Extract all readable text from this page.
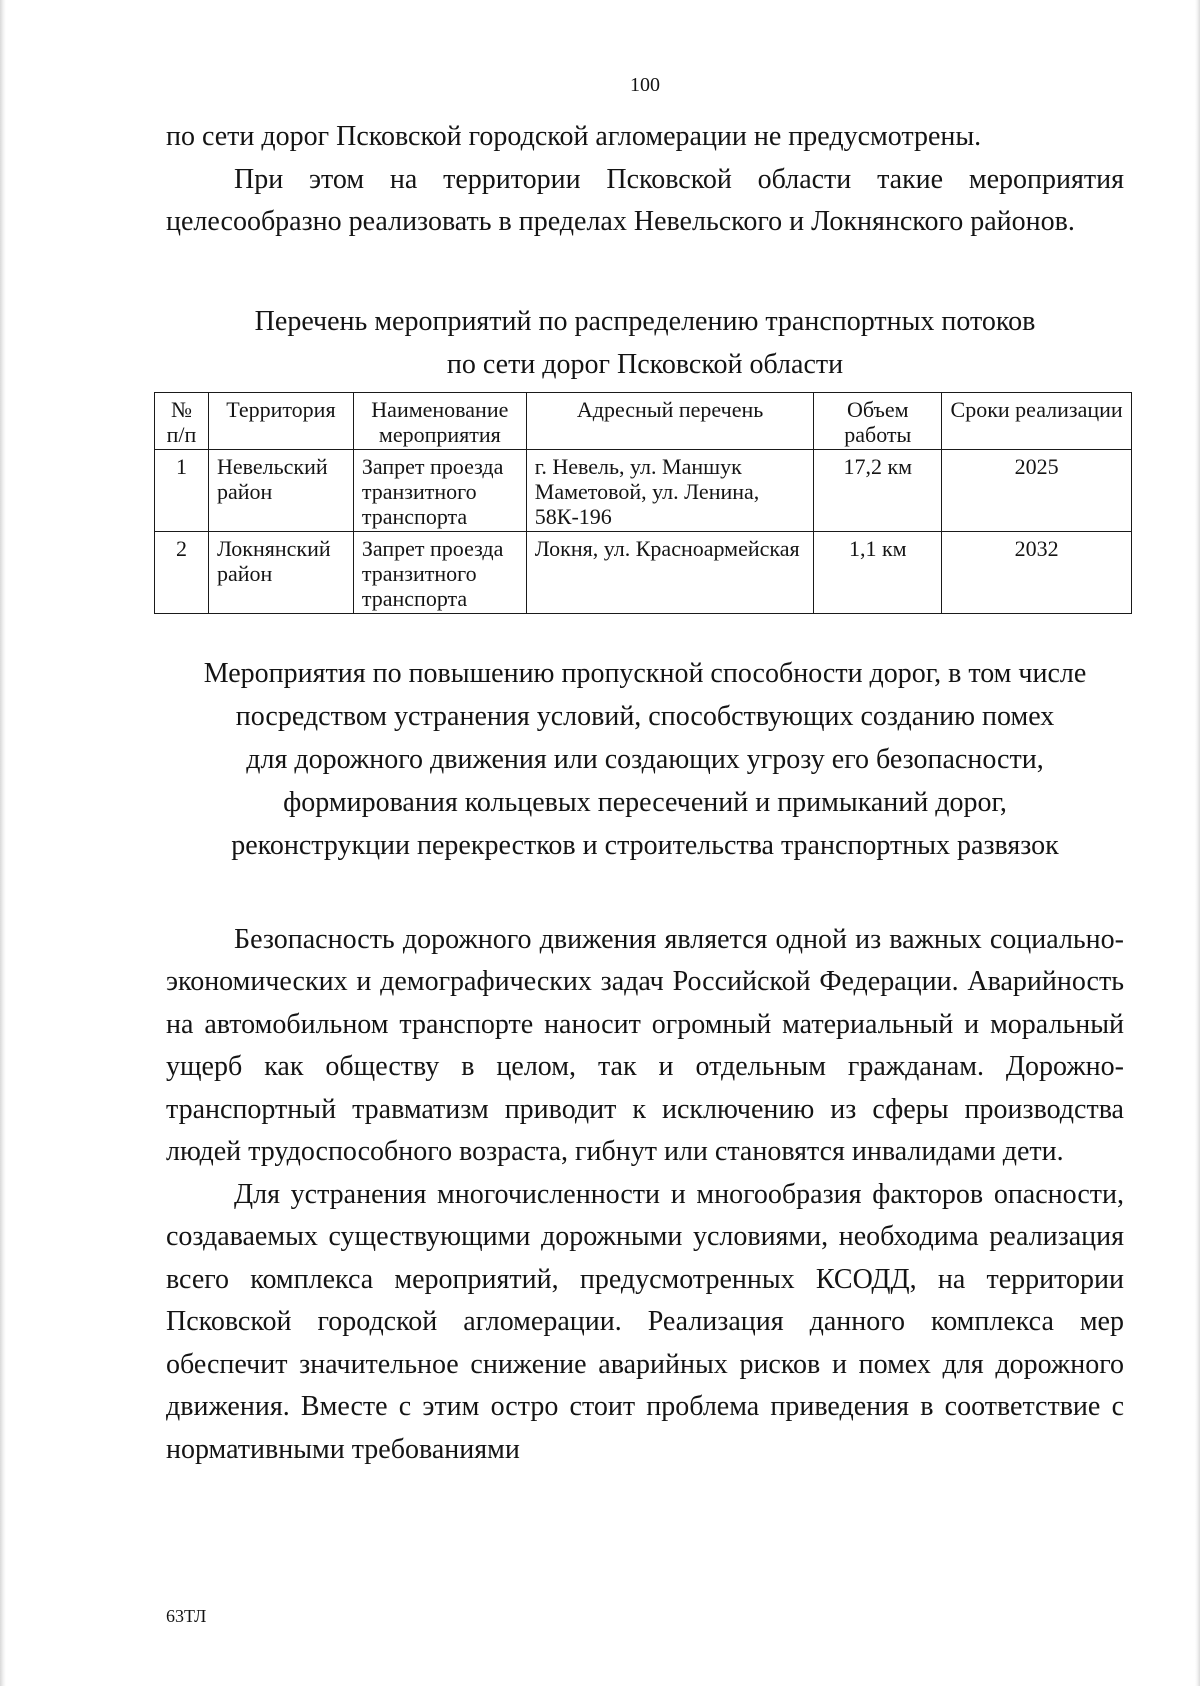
100

по сети дорог Псковской городской агломерации не предусмотрены.

При этом на территории Псковской области такие мероприятия целесообразно реализовать в пределах Невельского и Локнянского районов.

Перечень мероприятий по распределению транспортных потоков
по сети дорог Псковской области
№ п/п	Территория	Наименование мероприятия	Адресный перечень	Объем работы	Сроки реализации
1	Невельский район	Запрет проезда транзитного транспорта	г. Невель, ул. Маншук Маметовой, ул. Ленина, 58К-196	17,2 км	2025
2	Локнянский район	Запрет проезда транзитного транспорта	Локня, ул. Красноармейская	1,1 км	2032
Мероприятия по повышению пропускной способности дорог, в том числе
посредством устранения условий, способствующих созданию помех
для дорожного движения или создающих угрозу его безопасности,
формирования кольцевых пересечений и примыканий дорог,
реконструкции перекрестков и строительства транспортных развязок

Безопасность дорожного движения является одной из важных социально-экономических и демографических задач Российской Федерации. Аварийность на автомобильном транспорте наносит огромный материальный и моральный ущерб как обществу в целом, так и отдельным гражданам. Дорожно-транспортный травматизм приводит к исключению из сферы производства людей трудоспособного возраста, гибнут или становятся инвалидами дети.

Для устранения многочисленности и многообразия факторов опасности, создаваемых существующими дорожными условиями, необходима реализация всего комплекса мероприятий, предусмотренных КСОДД, на территории Псковской городской агломерации. Реализация данного комплекса мер обеспечит значительное снижение аварийных рисков и помех для дорожного движения. Вместе с этим остро стоит проблема приведения в соответствие с нормативными требованиями

63ТЛ
